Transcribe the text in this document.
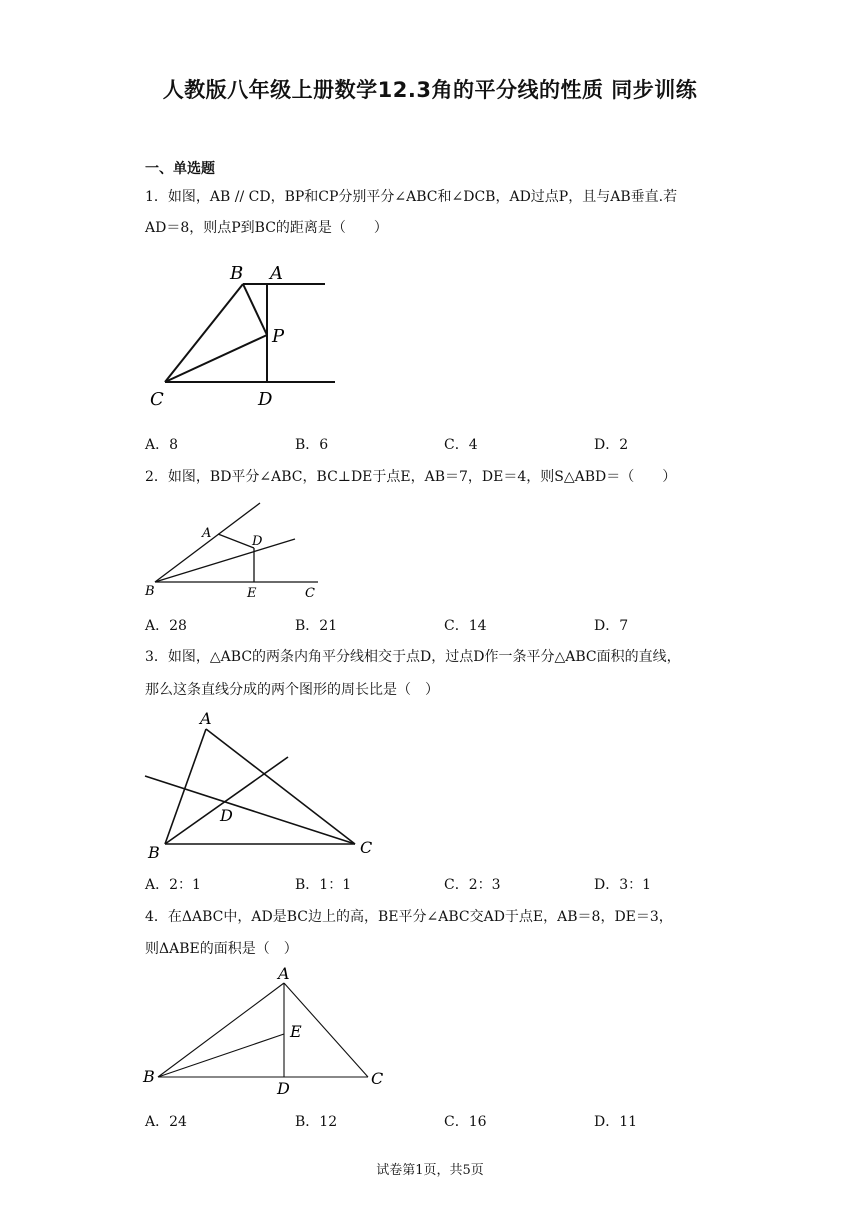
人教版八年级上册数学12.3角的平分线的性质 同步训练
一、单选题
1．如图，AB // CD，BP和CP分别平分∠ABC和∠DCB，AD过点P，且与AB垂直.若
AD＝8，则点P到BC的距离是（　　）
B A
P
C	D
A．8	B．6	C．4	D．2
2．如图，BD平分∠ABC，BC⊥DE于点E，AB＝7，DE＝4，则S△ABD＝（　　）
A
D
B	E	C
A．28	B．21	C．14	D．7
3．如图，△ABC的两条内角平分线相交于点D，过点D作一条平分△ABC面积的直线，
那么这条直线分成的两个图形的周长比是（　）
A
D
B	C
A．2：1	B．1：1	C．2：3	D．3：1
4．在ΔABC中，AD是BC边上的高，BE平分∠ABC交AD于点E，AB＝8，DE＝3，
则ΔABE的面积是（　）
A
E
B
D
C
A．24	B．12	C．16	D．11
试卷第1页，共5页
